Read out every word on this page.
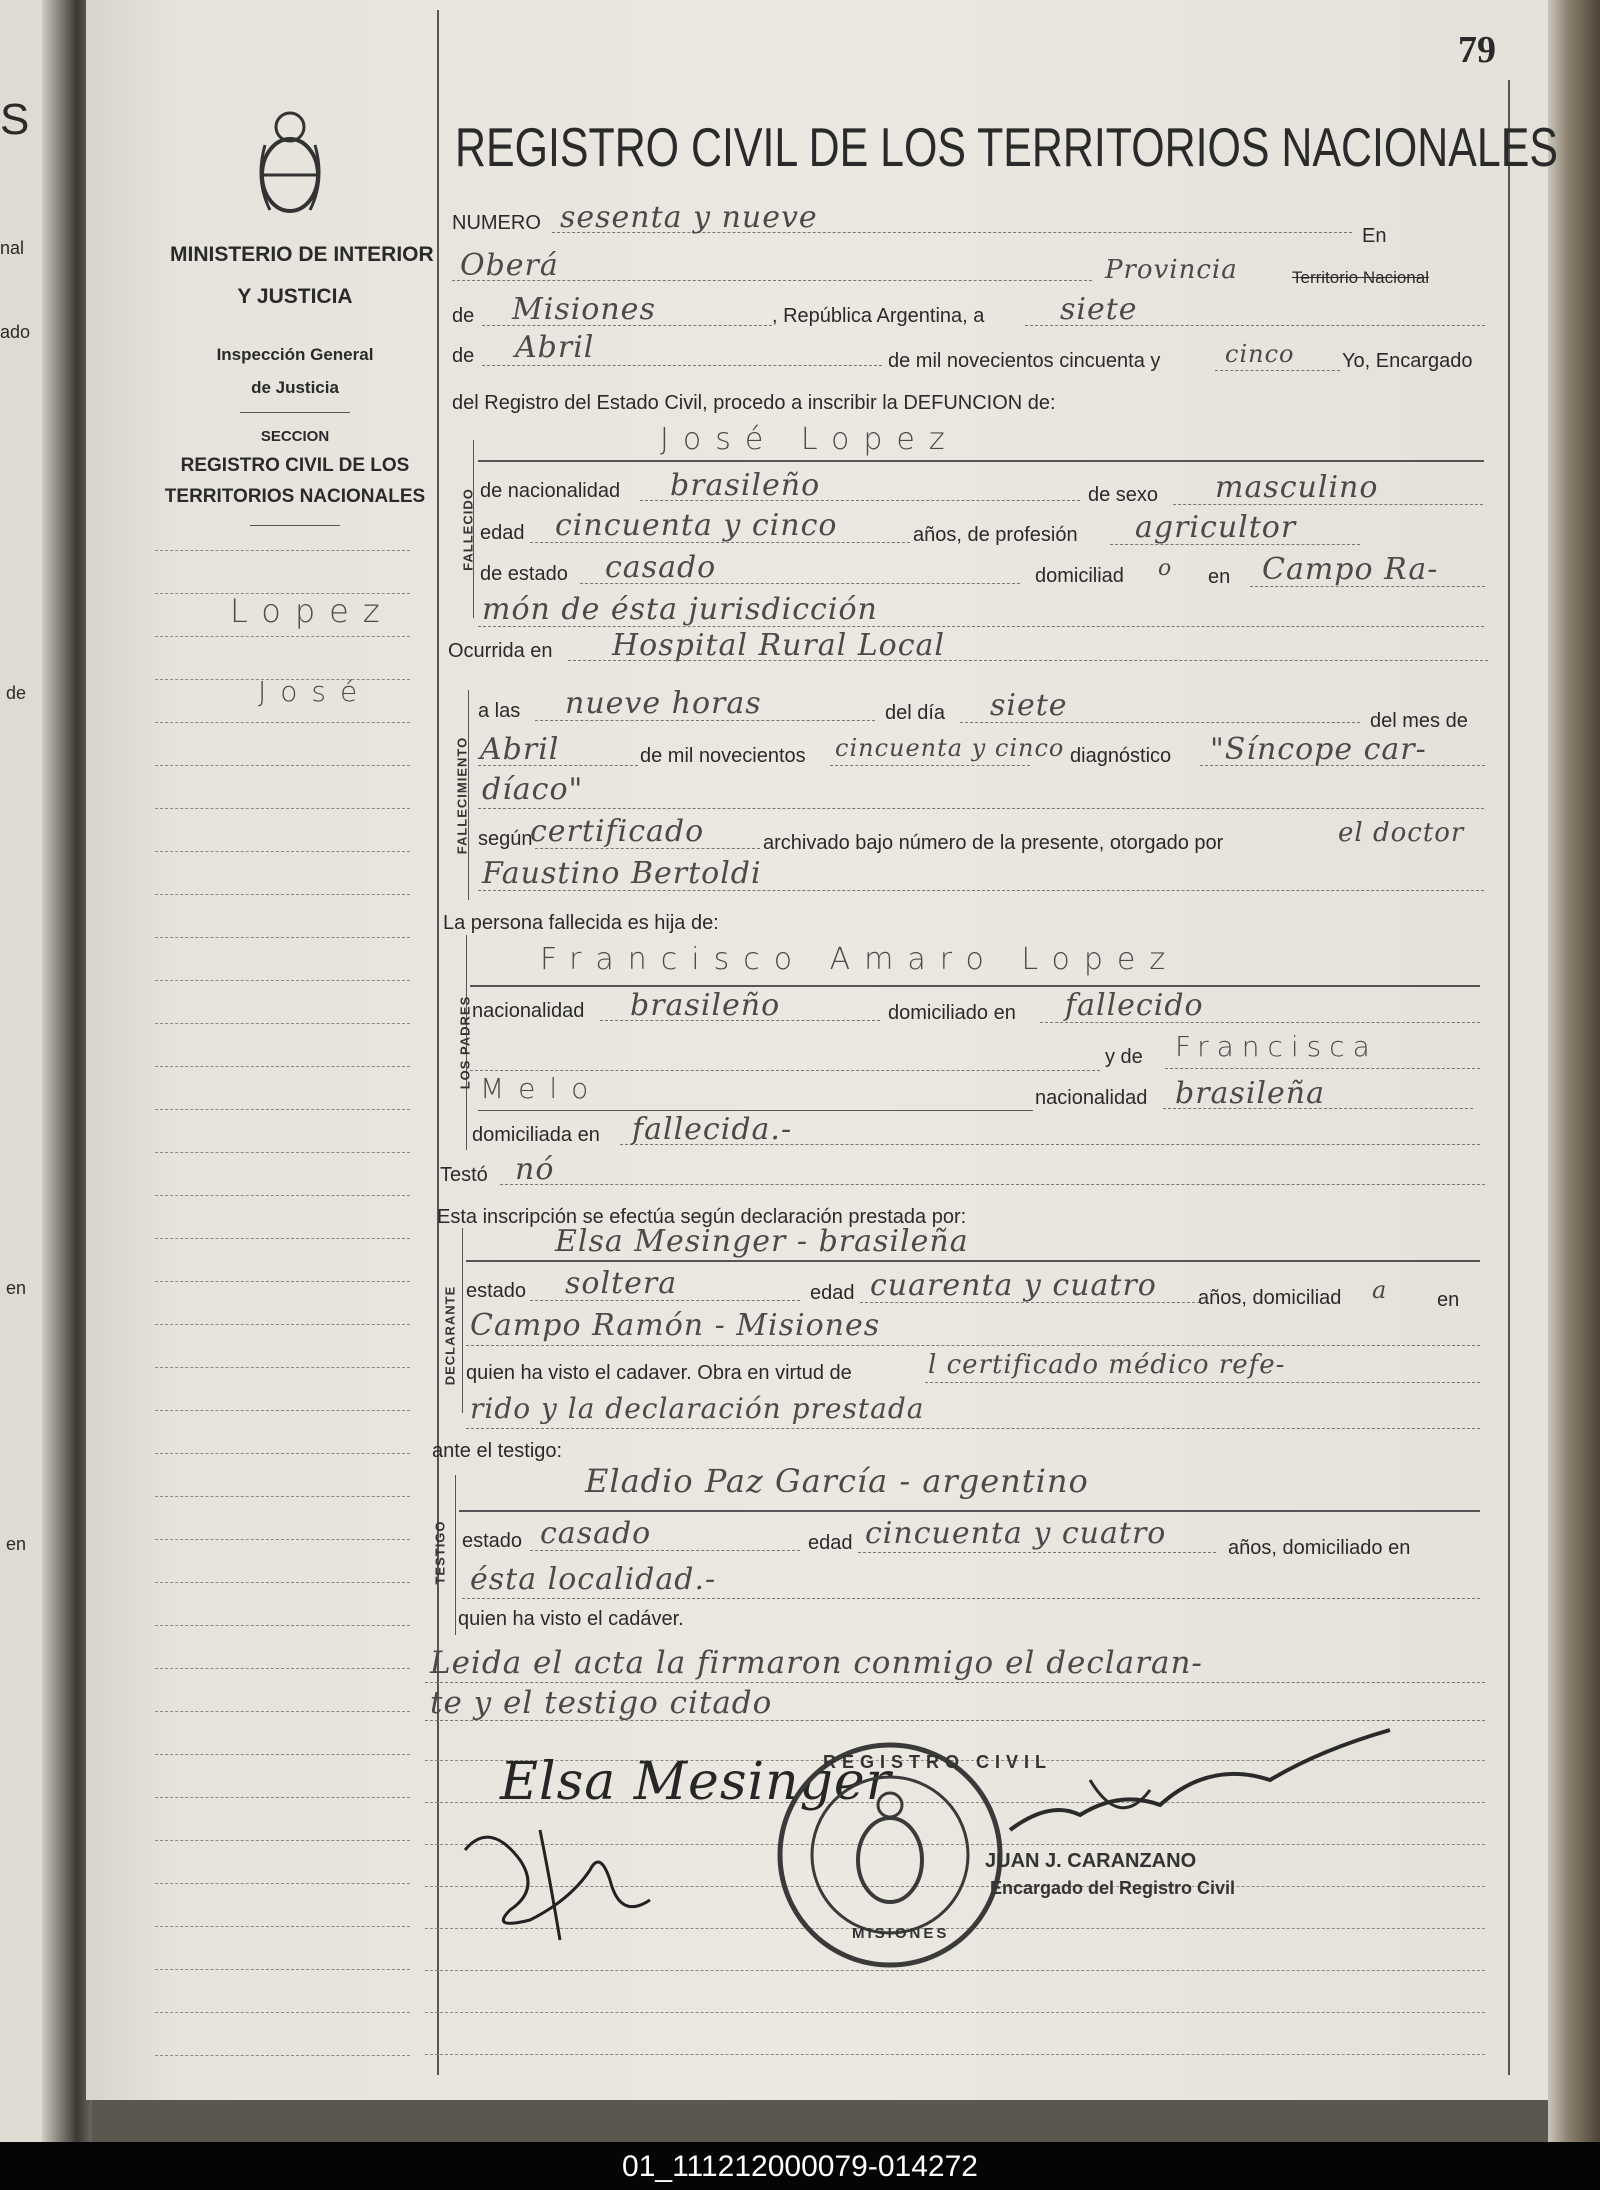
S
nal
ado
de
en
en
79
MINISTERIO DE INTERIOR
Y JUSTICIA
Inspección General
de Justicia
SECCION
REGISTRO CIVIL DE LOS
TERRITORIOS NACIONALES
Lopez
José
REGISTRO CIVIL DE LOS TERRITORIOS NACIONALES
NUMERO sesenta y nueve
En
Oberá	Provincia	Territorio Nacional
de Misiones	, República Argentina, a	siete
de Abril	de mil novecientos cincuenta y	cinco Yo, Encargado
del Registro del Estado Civil, procedo a inscribir la DEFUNCION de:
FALLECIDO
José Lopez
de nacionalidad brasileño	de sexo masculino
edad cincuenta y cinco	años, de profesión agricultor
de estado casado	domiciliad o en Campo Ra-
món de ésta jurisdicción
Ocurrida en Hospital Rural Local
FALLECIMIENTO
a las nueve horas	del día siete	del mes de
Abril	de mil novecientos cincuenta y cinco diagnóstico "Síncope car-
díaco"
según
certificado	archivado bajo número de la presente, otorgado por	el doctor
Faustino Bertoldi
La persona fallecida es hija de:
LOS PADRES
Francisco Amaro Lopez
nacionalidad brasileño	domiciliado en fallecido
y de Francisca
Melo	nacionalidad brasileña
domiciliada en fallecida.-
Testó nó
Esta inscripción se efectúa según declaración prestada por:
DECLARANTE
Elsa Mesinger - brasileña
estado soltera	edad cuarenta y cuatro años, domiciliad a en
Campo Ramón - Misiones
quien ha visto el cadaver. Obra en virtud de	l certificado médico refe-
rido y la declaración prestada
ante el testigo:
TESTIGO
Eladio Paz García - argentino
estado casado	edad cincuenta y cuatro	años, domiciliado en
ésta localidad.-
quien ha visto el cadáver.
Leida el acta la firmaron conmigo el declaran-
te y el testigo citado
Elsa Mesinger
REGISTRO CIVIL
MISIONES
JUAN J. CARANZANO
Encargado del Registro Civil
01_111212000079-014272
